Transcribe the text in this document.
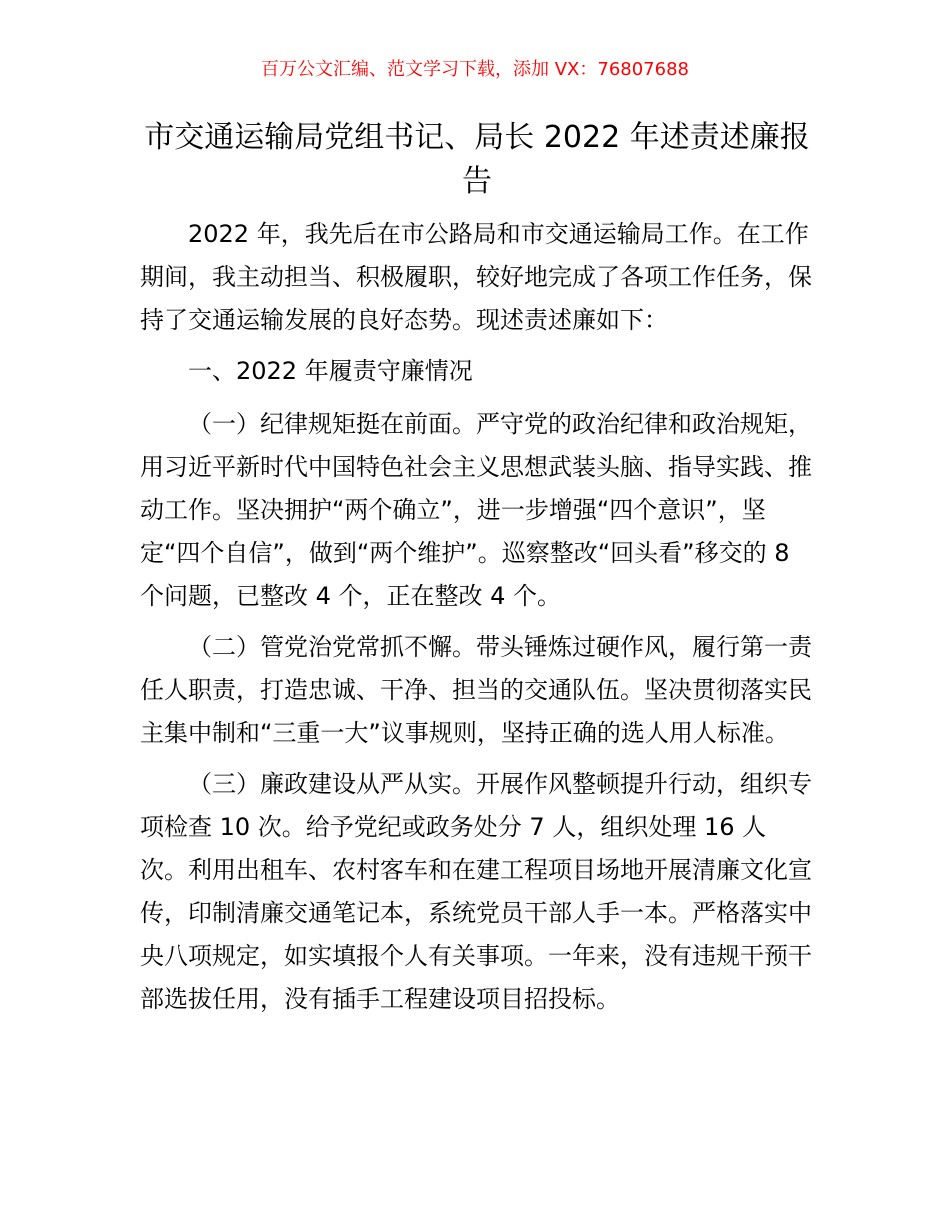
百万公文汇编、范文学习下载，添加 VX：76807688
市交通运输局党组书记、局长 2022 年述责述廉报告

2022 年，我先后在市公路局和市交通运输局工作。在工作期间，我主动担当、积极履职，较好地完成了各项工作任务，保持了交通运输发展的良好态势。现述责述廉如下：

一、2022 年履责守廉情况

（一）纪律规矩挺在前面。严守党的政治纪律和政治规矩，用习近平新时代中国特色社会主义思想武装头脑、指导实践、推动工作。坚决拥护“两个确立”，进一步增强“四个意识”，坚定“四个自信”，做到“两个维护”。巡察整改“回头看”移交的 8 个问题，已整改 4 个，正在整改 4 个。

（二）管党治党常抓不懈。带头锤炼过硬作风，履行第一责任人职责，打造忠诚、干净、担当的交通队伍。坚决贯彻落实民主集中制和“三重一大”议事规则，坚持正确的选人用人标准。

（三）廉政建设从严从实。开展作风整顿提升行动，组织专项检查 10 次。给予党纪或政务处分 7 人，组织处理 16 人次。利用出租车、农村客车和在建工程项目场地开展清廉文化宣传，印制清廉交通笔记本，系统党员干部人手一本。严格落实中央八项规定，如实填报个人有关事项。一年来，没有违规干预干部选拔任用，没有插手工程建设项目招投标。
